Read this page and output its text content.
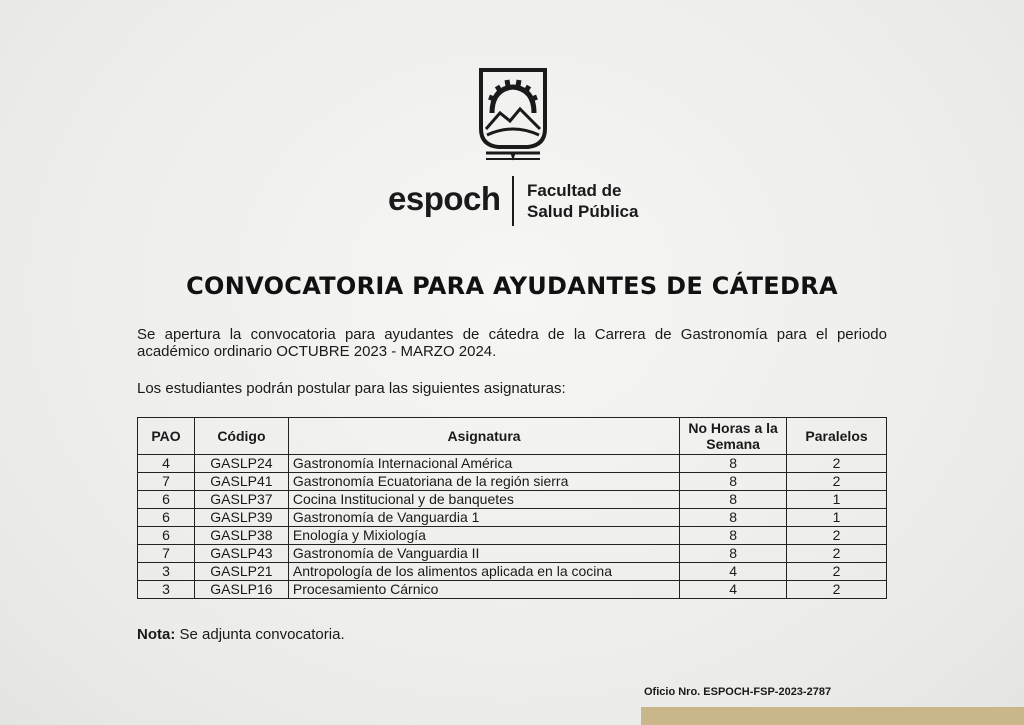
espoch Facultad de
Salud Pública
CONVOCATORIA PARA AYUDANTES DE CÁTEDRA
Se apertura la convocatoria para ayudantes de cátedra de la Carrera de Gastronomía para el periodo académico ordinario OCTUBRE 2023 - MARZO 2024.
Los estudiantes podrán postular para las siguientes asignaturas:
PAO	Código	Asignatura	No Horas a la Semana	Paralelos
4	GASLP24	Gastronomía Internacional América	8	2
7	GASLP41	Gastronomía Ecuatoriana de la región sierra	8	2
6	GASLP37	Cocina Institucional y de banquetes	8	1
6	GASLP39	Gastronomía de Vanguardia 1	8	1
6	GASLP38	Enología y Mixiología	8	2
7	GASLP43	Gastronomía de Vanguardia II	8	2
3	GASLP21	Antropología de los alimentos aplicada en la cocina	4	2
3	GASLP16	Procesamiento Cárnico	4	2
Nota: Se adjunta convocatoria.
Oficio Nro. ESPOCH-FSP-2023-2787
